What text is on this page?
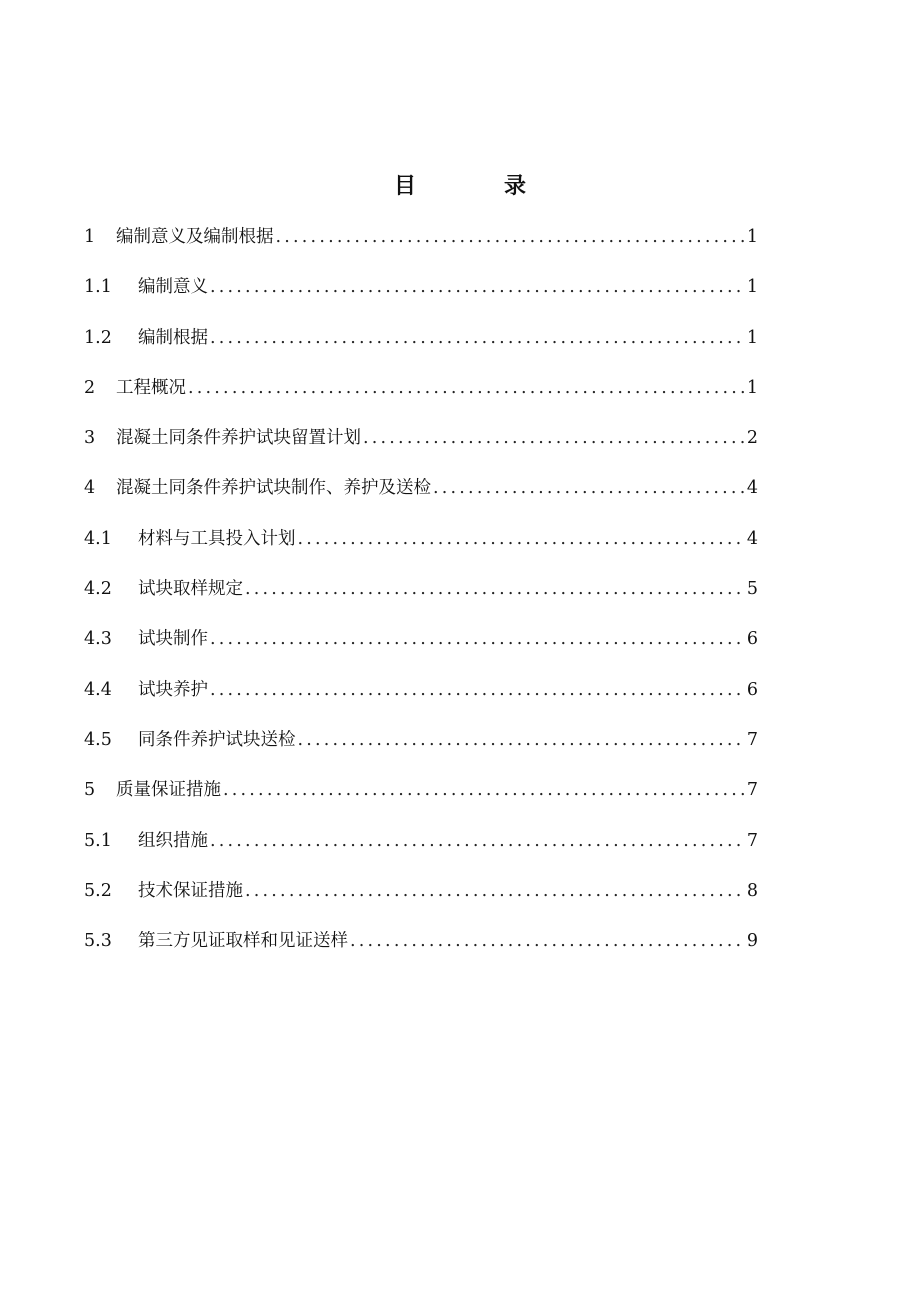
目	录
1	编制意义及编制根据 .....	1
1.1	编制意义 .....	1
1.2	编制根据 .....	1
2	工程概况 .....	1
3	混凝土同条件养护试块留置计划 .....	2
4	混凝土同条件养护试块制作、养护及送检 .....	4
4.1	材料与工具投入计划 .....	4
4.2	试块取样规定 .....	5
4.3	试块制作 .....	6
4.4	试块养护 .....	6
4.5	同条件养护试块送检 .....	7
5	质量保证措施 .....	7
5.1	组织措施 .....	7
5.2	技术保证措施 .....	8
5.3	第三方见证取样和见证送样 .....	9
